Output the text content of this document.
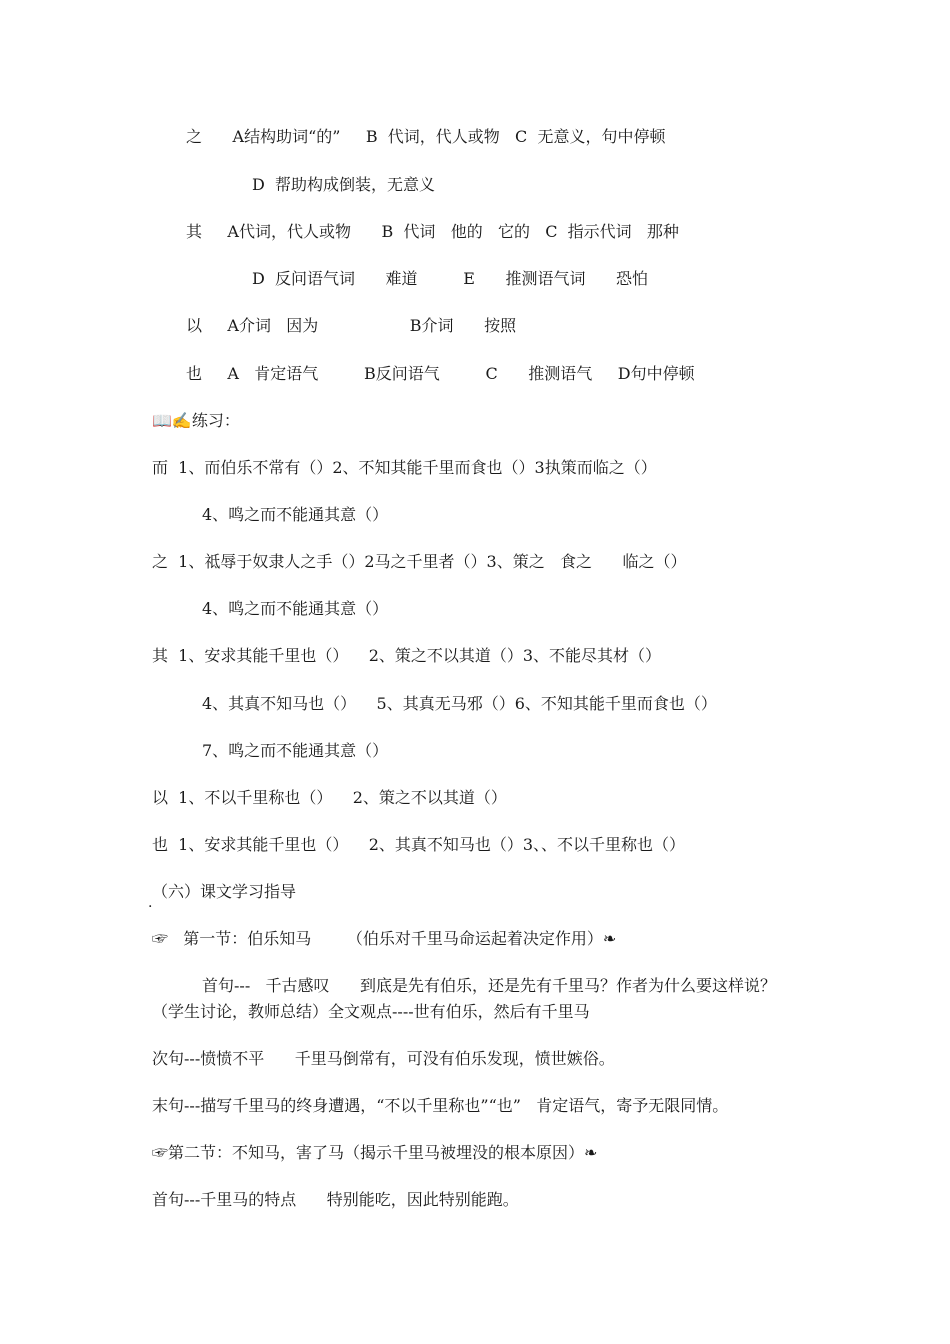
之      A结构助词“的”     B  代词，代人或物   C  无意义，句中停顿
D  帮助构成倒装，无意义
其     A代词，代人或物      B  代词   他的   它的   C  指示代词   那种
D  反问语气词      难道         E      推测语气词      恐怕
以     A介词   因为                  B介词      按照
也     A   肯定语气         B反问语气         C      推测语气     D句中停顿
📖✍练习：
而  1、而伯乐不常有（）2、不知其能千里而食也（）3执策而临之（）
4、鸣之而不能通其意（）
之  1、祗辱于奴隶人之手（）2马之千里者（）3、策之   食之      临之（）
4、鸣之而不能通其意（）
其  1、安求其能千里也（）    2、策之不以其道（）3、不能尽其材（）
4、其真不知马也（）    5、其真无马邪（）6、不知其能千里而食也（）
7、鸣之而不能通其意（）
以  1、不以千里称也（）    2、策之不以其道（）
也  1、安求其能千里也（）    2、其真不知马也（）3、、不以千里称也（）
.
（六）课文学习指导
☞   第一节：伯乐知马       （伯乐对千里马命运起着决定作用）❧
首句---   千古感叹      到底是先有伯乐，还是先有千里马？作者为什么要这样说？
（学生讨论，教师总结）全文观点----世有伯乐，然后有千里马
次句---愤愤不平      千里马倒常有，可没有伯乐发现，愤世嫉俗。
末句---描写千里马的终身遭遇，“不以千里称也”“也”   肯定语气，寄予无限同情。
☞第二节：不知马，害了马（揭示千里马被埋没的根本原因）❧
首句---千里马的特点      特别能吃，因此特别能跑。
